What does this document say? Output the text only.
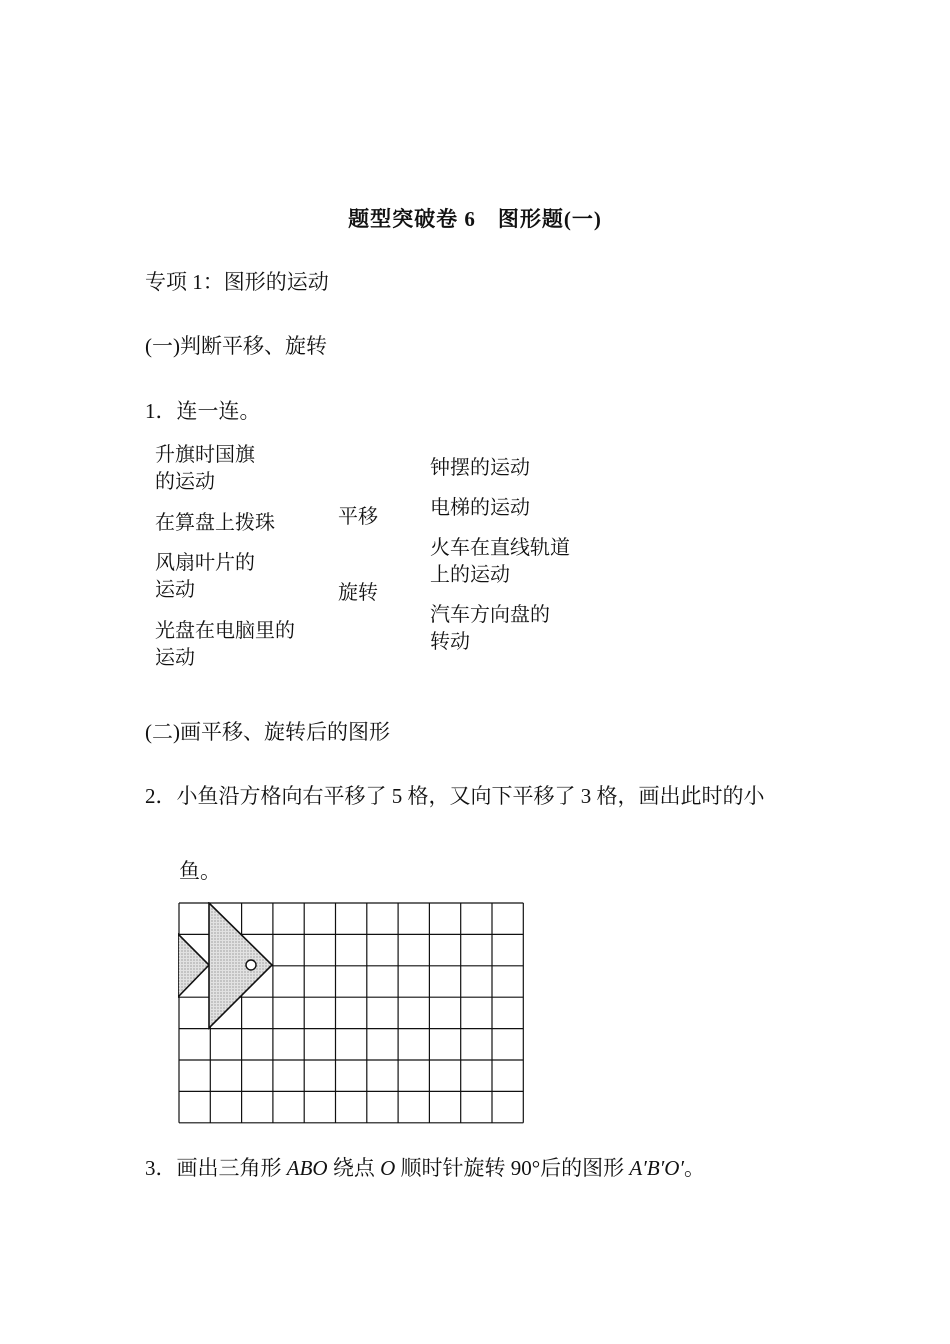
题型突破卷 6　图形题(一)
专项 1：图形的运动
(一)判断平移、旋转
1．连一连。
升旗时国旗的运动
在算盘上拨珠
风扇叶片的运动
光盘在电脑里的运动
平移
旋转
钟摆的运动
电梯的运动
火车在直线轨道上的运动
汽车方向盘的转动
(二)画平移、旋转后的图形
2．小鱼沿方格向右平移了 5 格，又向下平移了 3 格，画出此时的小
鱼。
3．画出三角形 ABO 绕点 O 顺时针旋转 90°后的图形 A′B′O′。
